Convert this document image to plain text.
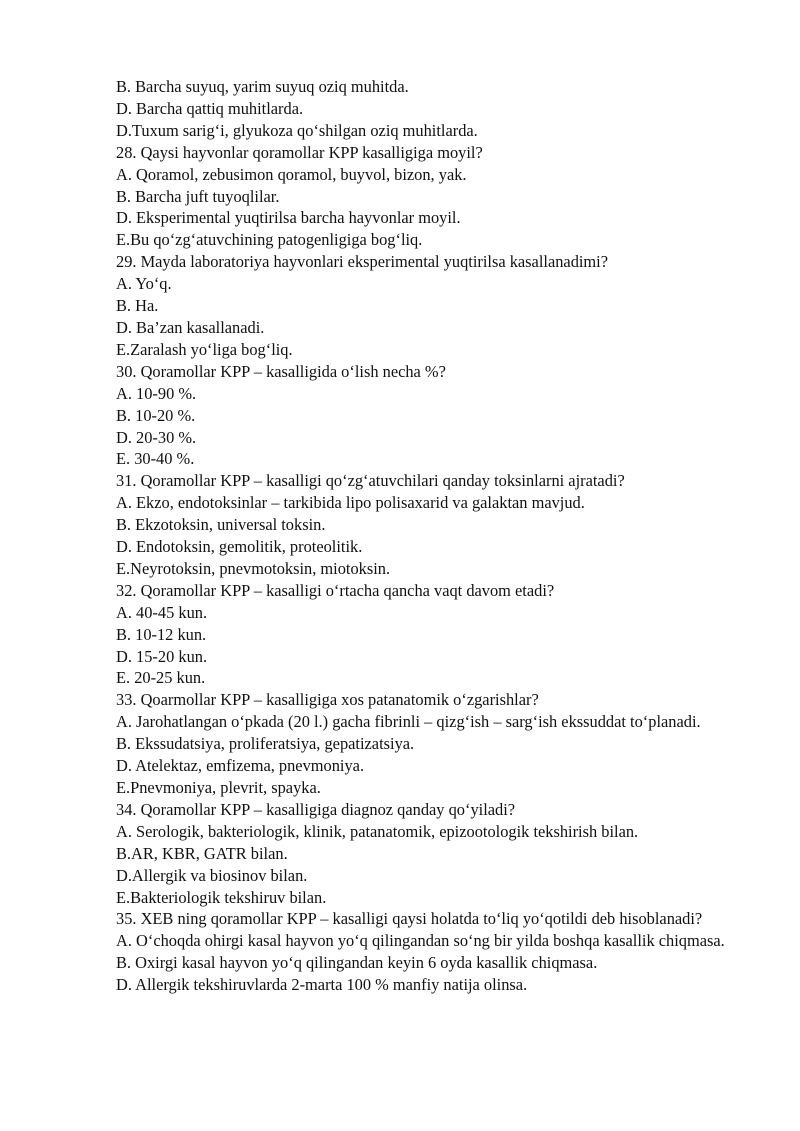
B. Barcha suyuq, yarim suyuq oziq muhitda.

D. Barcha qattiq muhitlarda.

D.Tuxum sarig‘i, glyukoza qo‘shilgan oziq muhitlarda.

28. Qaysi hayvonlar qoramollar KPP kasalligiga moyil?

A. Qoramol, zebusimon qoramol, buyvol, bizon, yak.

B. Barcha juft tuyoqlilar.

D. Eksperimental yuqtirilsa barcha hayvonlar moyil.

E.Bu qo‘zg‘atuvchining patogenligiga bog‘liq.

29. Mayda laboratoriya hayvonlari eksperimental yuqtirilsa kasallanadimi?

A. Yo‘q.

B. Ha.

D. Ba’zan kasallanadi.

E.Zaralash yo‘liga bog‘liq.

30. Qoramollar KPP – kasalligida o‘lish necha %?

A. 10-90 %.

B. 10-20 %.

D. 20-30 %.

E. 30-40 %.

31. Qoramollar KPP – kasalligi qo‘zg‘atuvchilari qanday toksinlarni ajratadi?

A. Ekzo, endotoksinlar – tarkibida lipo polisaxarid va galaktan mavjud.

B. Ekzotoksin, universal toksin.

D. Endotoksin, gemolitik, proteolitik.

E.Neyrotoksin, pnevmotoksin, miotoksin.

32. Qoramollar KPP – kasalligi o‘rtacha qancha vaqt davom etadi?

A. 40-45 kun.

B. 10-12 kun.

D. 15-20 kun.

E. 20-25 kun.

33. Qoarmollar KPP – kasalligiga xos patanatomik o‘zgarishlar?

A. Jarohatlangan o‘pkada (20 l.) gacha fibrinli – qizg‘ish – sarg‘ish ekssuddat to‘planadi.

B. Ekssudatsiya, proliferatsiya, gepatizatsiya.

D. Atelektaz, emfizema, pnevmoniya.

E.Pnevmoniya, plevrit, spayka.

34. Qoramollar KPP – kasalligiga diagnoz qanday qo‘yiladi?

A. Serologik, bakteriologik, klinik, patanatomik, epizootologik tekshirish bilan.

B.AR, KBR, GATR bilan.

D.Allergik va biosinov bilan.

E.Bakteriologik tekshiruv bilan.

35. XEB ning qoramollar KPP – kasalligi qaysi holatda to‘liq yo‘qotildi deb hisoblanadi?

A. O‘choqda ohirgi kasal hayvon yo‘q qilingandan so‘ng bir yilda boshqa kasallik chiqmasa.

B. Oxirgi kasal hayvon yo‘q qilingandan keyin 6 oyda kasallik chiqmasa.

D. Allergik tekshiruvlarda 2-marta 100 % manfiy natija olinsa.
